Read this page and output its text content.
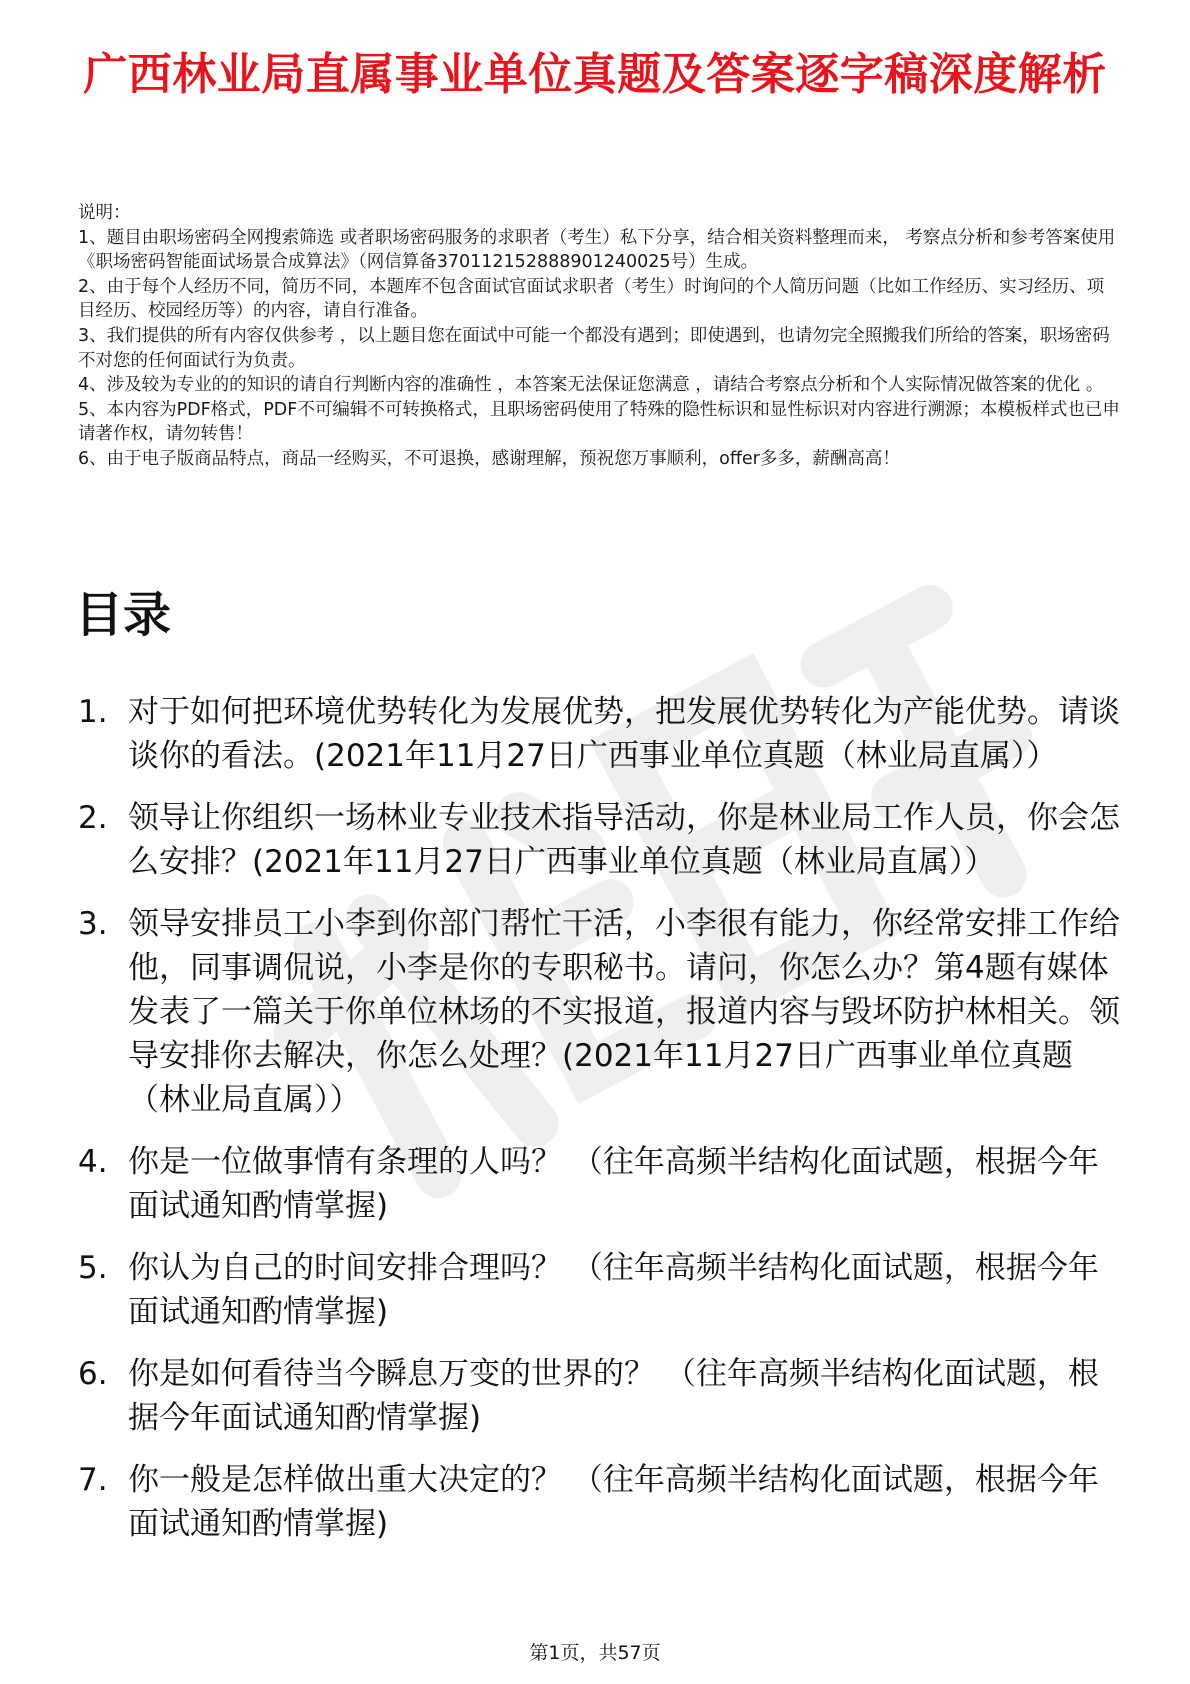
广西林业局直属事业单位真题及答案逐字稿深度解析

说明：

1、题目由职场密码全网搜索筛选 或者职场密码服务的求职者（考生）私下分享，结合相关资料整理而来， 考察点分析和参考答案使用《职场密码智能面试场景合成算法》（网信算备370112152888901240025号）生成。

2、由于每个人经历不同，简历不同，本题库不包含面试官面试求职者（考生）时询问的个人简历问题（比如工作经历、实习经历、项目经历、校园经历等）的内容，请自行准备。

3、我们提供的所有内容仅供参考 ，以上题目您在面试中可能一个都没有遇到；即使遇到，也请勿完全照搬我们所给的答案，职场密码不对您的任何面试行为负责。

4、涉及较为专业的的知识的请自行判断内容的准确性 ，本答案无法保证您满意 ，请结合考察点分析和个人实际情况做答案的优化 。

5、本内容为PDF格式，PDF不可编辑不可转换格式，且职场密码使用了特殊的隐性标识和显性标识对内容进行溯源；本模板样式也已申请著作权，请勿转售！

6、由于电子版商品特点，商品一经购买，不可退换，感谢理解，预祝您万事顺利，offer多多，薪酬高高！

目录
1. 对于如何把环境优势转化为发展优势，把发展优势转化为产能优势。请谈谈你的看法。(2021年11月27日广西事业单位真题（林业局直属））
2. 领导让你组织一场林业专业技术指导活动，你是林业局工作人员，你会怎么安排？(2021年11月27日广西事业单位真题（林业局直属））
3. 领导安排员工小李到你部门帮忙干活，小李很有能力，你经常安排工作给他，同事调侃说，小李是你的专职秘书。请问，你怎么办？第4题有媒体发表了一篇关于你单位林场的不实报道，报道内容与毁坏防护林相关。领导安排你去解决，你怎么处理？(2021年11月27日广西事业单位真题（林业局直属））
4. 你是一位做事情有条理的人吗？ （往年高频半结构化面试题，根据今年面试通知酌情掌握)
5. 你认为自己的时间安排合理吗？ （往年高频半结构化面试题，根据今年面试通知酌情掌握)
6. 你是如何看待当今瞬息万变的世界的？ （往年高频半结构化面试题，根据今年面试通知酌情掌握)
7. 你一般是怎样做出重大决定的？ （往年高频半结构化面试题，根据今年面试通知酌情掌握)
第1页，共57页
